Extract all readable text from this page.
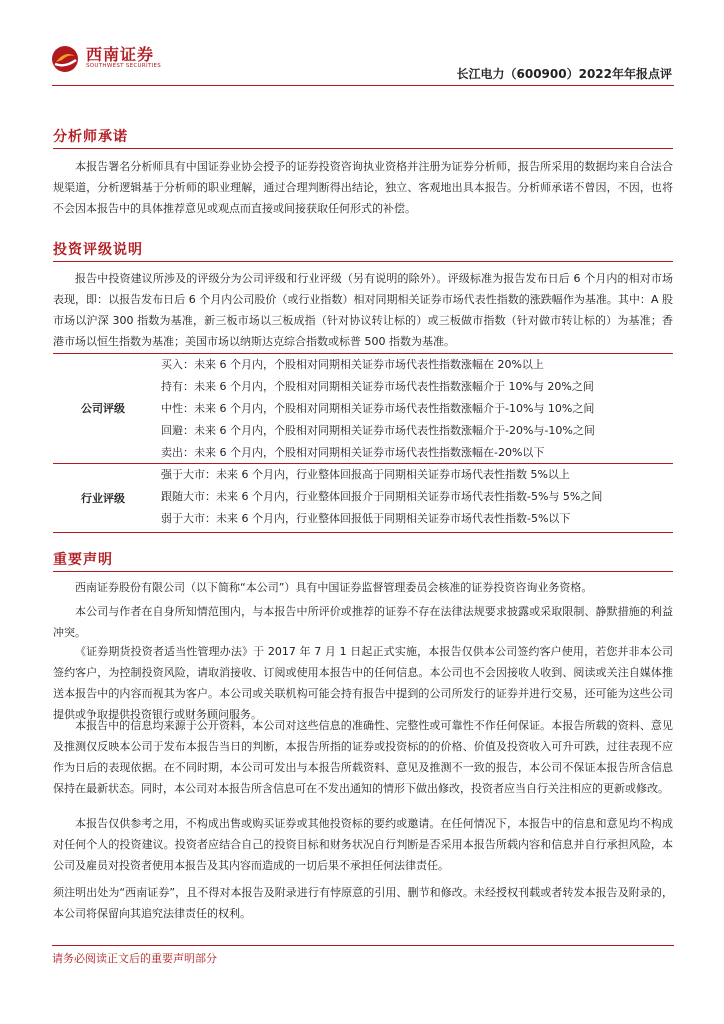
西南证券
SOUTHWEST SECURITIES
长江电力（600900）2022年年报点评
分析师承诺

本报告署名分析师具有中国证券业协会授予的证券投资咨询执业资格并注册为证券分析师，报告所采用的数据均来自合法合规渠道，分析逻辑基于分析师的职业理解，通过合理判断得出结论，独立、客观地出具本报告。分析师承诺不曾因，不因，也将不会因本报告中的具体推荐意见或观点而直接或间接获取任何形式的补偿。

投资评级说明

报告中投资建议所涉及的评级分为公司评级和行业评级（另有说明的除外）。评级标准为报告发布日后 6 个月内的相对市场表现，即：以报告发布日后 6 个月内公司股价（或行业指数）相对同期相关证券市场代表性指数的涨跌幅作为基准。其中：A 股市场以沪深 300 指数为基准，新三板市场以三板成指（针对协议转让标的）或三板做市指数（针对做市转让标的）为基准；香港市场以恒生指数为基准；美国市场以纳斯达克综合指数或标普 500 指数为基准。

公司评级
买入：未来 6 个月内，个股相对同期相关证券市场代表性指数涨幅在 20%以上
持有：未来 6 个月内，个股相对同期相关证券市场代表性指数涨幅介于 10%与 20%之间
中性：未来 6 个月内，个股相对同期相关证券市场代表性指数涨幅介于-10%与 10%之间
回避：未来 6 个月内，个股相对同期相关证券市场代表性指数涨幅介于-20%与-10%之间
卖出：未来 6 个月内，个股相对同期相关证券市场代表性指数涨幅在-20%以下
行业评级
强于大市：未来 6 个月内，行业整体回报高于同期相关证券市场代表性指数 5%以上
跟随大市：未来 6 个月内，行业整体回报介于同期相关证券市场代表性指数-5%与 5%之间
弱于大市：未来 6 个月内，行业整体回报低于同期相关证券市场代表性指数-5%以下
重要声明

西南证券股份有限公司（以下简称“本公司”）具有中国证券监督管理委员会核准的证券投资咨询业务资格。

本公司与作者在自身所知情范围内，与本报告中所评价或推荐的证券不存在法律法规要求披露或采取限制、静默措施的利益冲突。

《证券期货投资者适当性管理办法》于 2017 年 7 月 1 日起正式实施，本报告仅供本公司签约客户使用，若您并非本公司签约客户，为控制投资风险，请取消接收、订阅或使用本报告中的任何信息。本公司也不会因接收人收到、阅读或关注自媒体推送本报告中的内容而视其为客户。本公司或关联机构可能会持有报告中提到的公司所发行的证券并进行交易，还可能为这些公司提供或争取提供投资银行或财务顾问服务。

本报告中的信息均来源于公开资料，本公司对这些信息的准确性、完整性或可靠性不作任何保证。本报告所载的资料、意见及推测仅反映本公司于发布本报告当日的判断，本报告所指的证券或投资标的的价格、价值及投资收入可升可跌，过往表现不应作为日后的表现依据。在不同时期，本公司可发出与本报告所载资料、意见及推测不一致的报告，本公司不保证本报告所含信息保持在最新状态。同时，本公司对本报告所含信息可在不发出通知的情形下做出修改，投资者应当自行关注相应的更新或修改。

本报告仅供参考之用，不构成出售或购买证券或其他投资标的要约或邀请。在任何情况下，本报告中的信息和意见均不构成对任何个人的投资建议。投资者应结合自己的投资目标和财务状况自行判断是否采用本报告所载内容和信息并自行承担风险，本公司及雇员对投资者使用本报告及其内容而造成的一切后果不承担任何法律责任。

须注明出处为“西南证券”，且不得对本报告及附录进行有悖原意的引用、删节和修改。未经授权刊载或者转发本报告及附录的，本公司将保留向其追究法律责任的权利。

请务必阅读正文后的重要声明部分
